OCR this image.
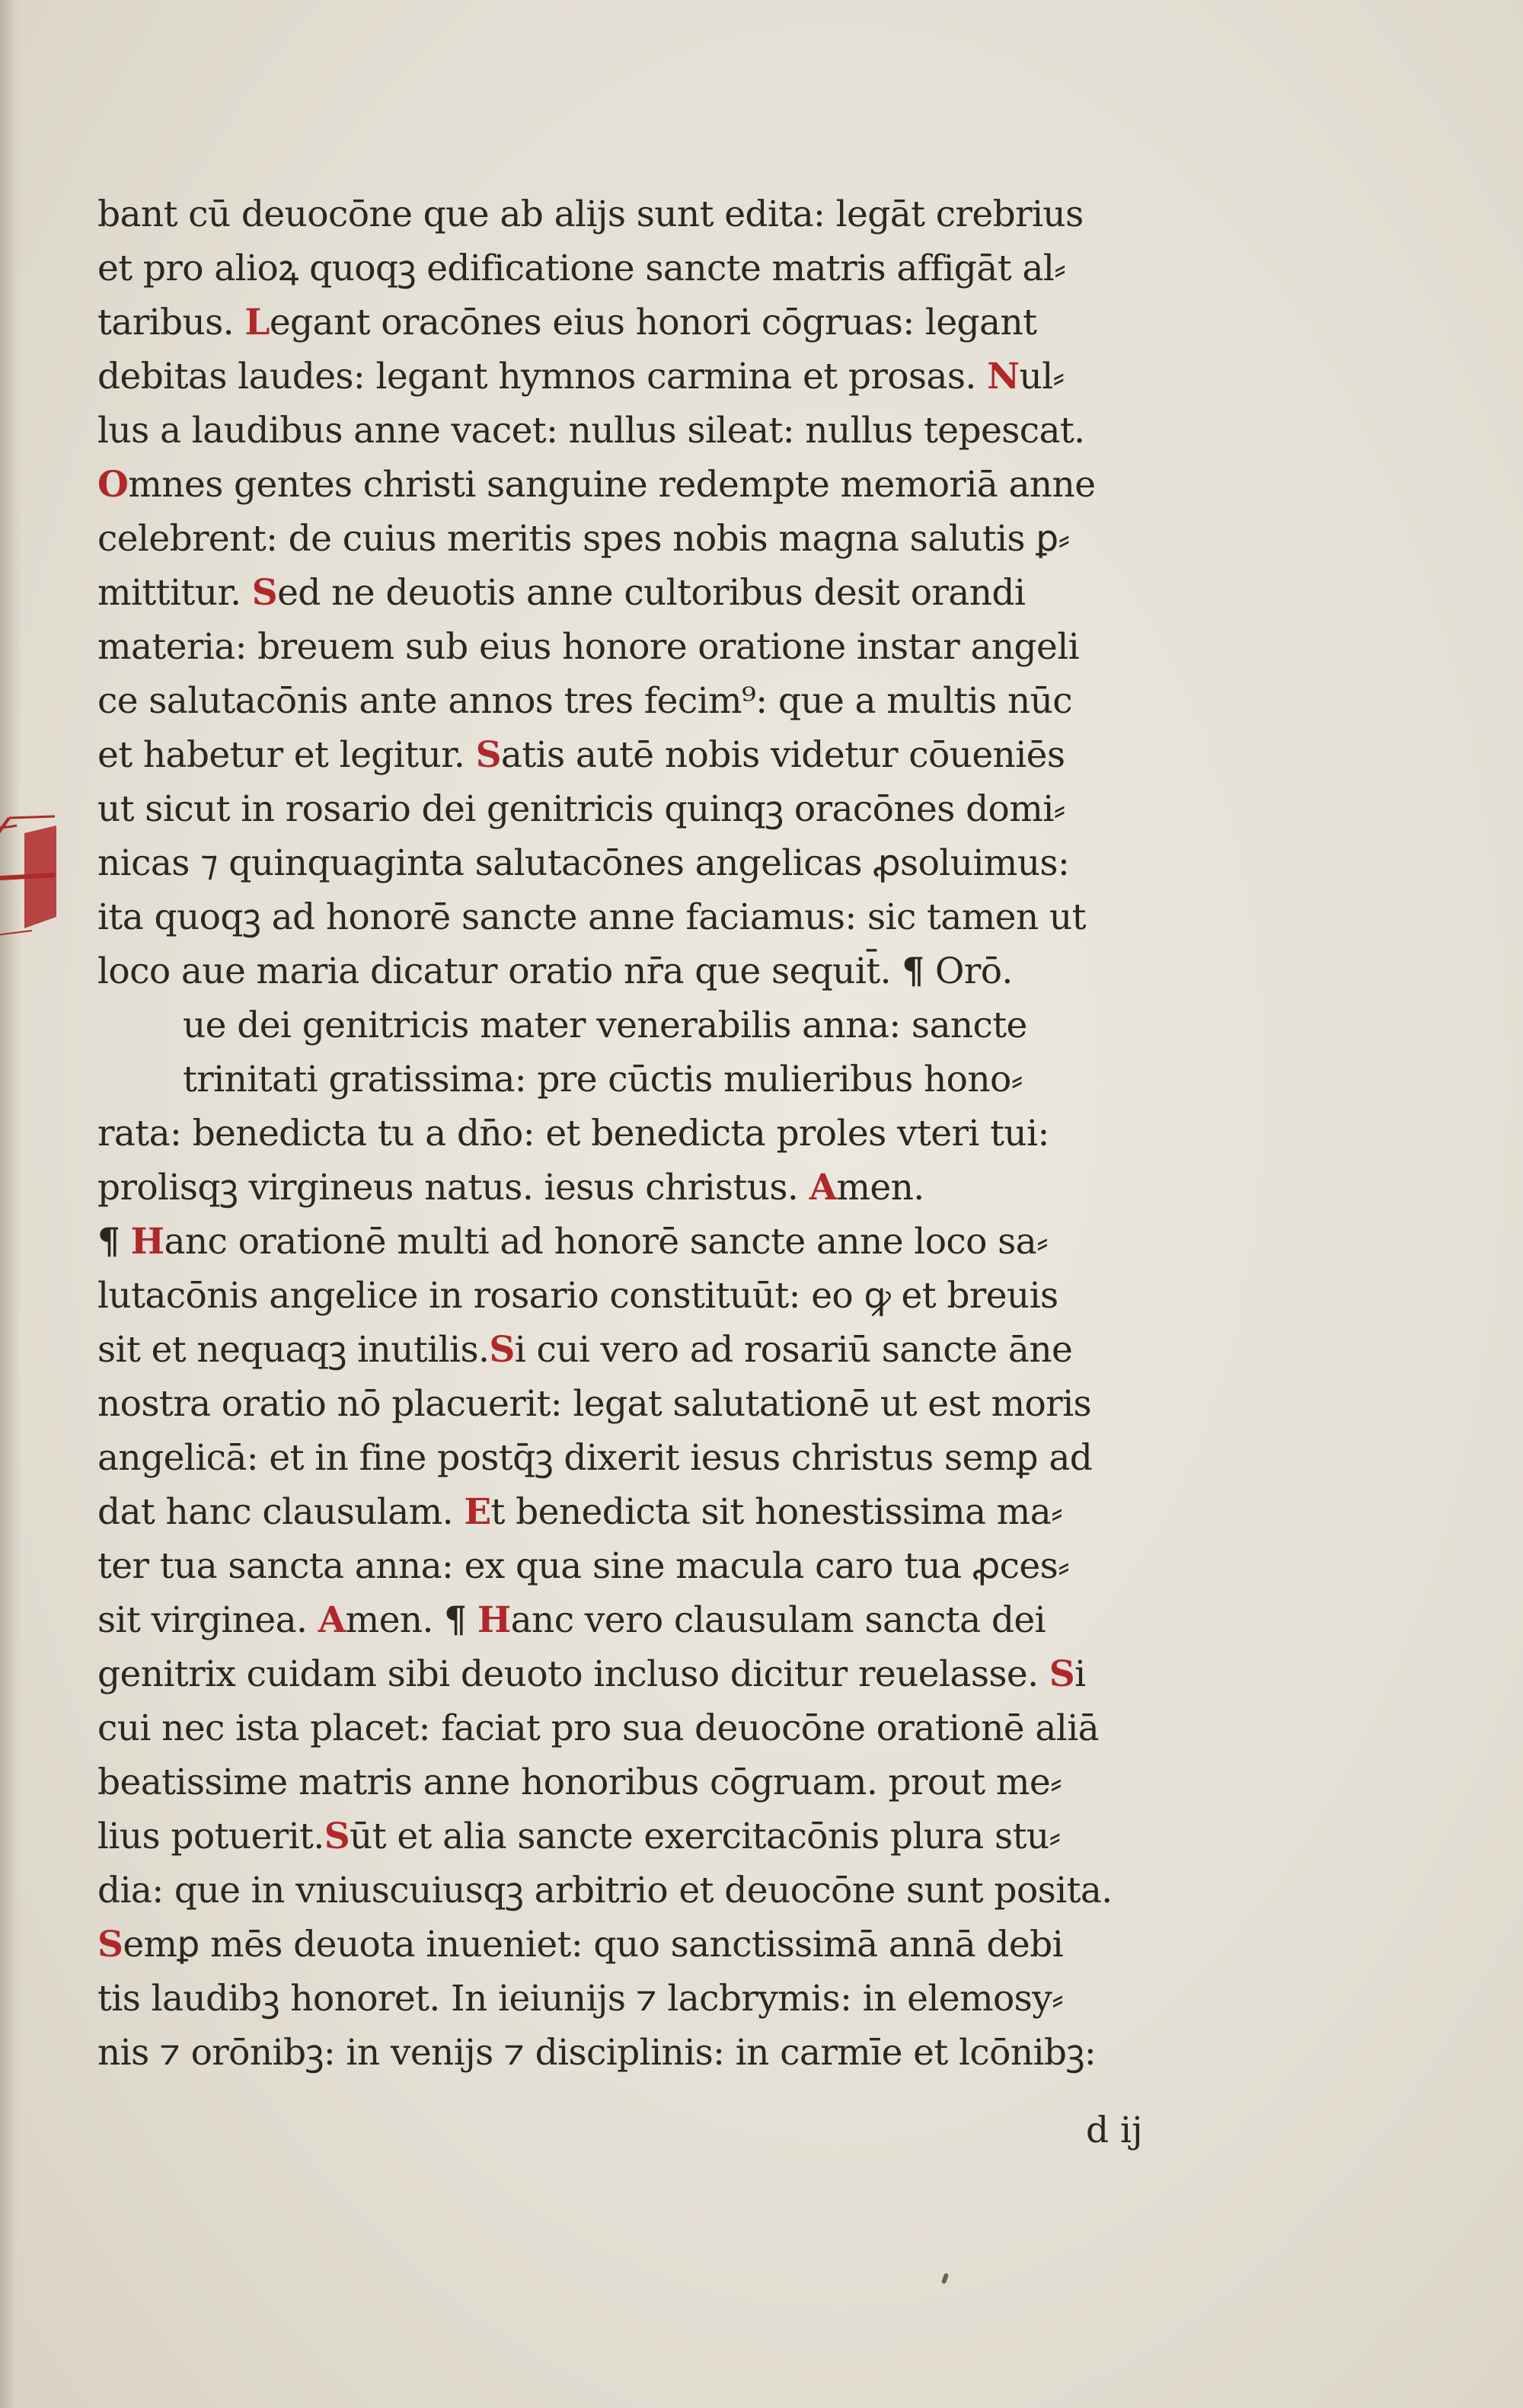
bant cū deuocōne que ab alijs sunt edita: legāt crebrius
et pro alioꝝ quoqꝫ edificatione sancte matris affigāt al⸗
taribus. Legant oracōnes eius honori cōgruas: legant
debitas laudes: legant hymnos carmina et prosas. Nul⸗
lus a laudibus anne vacet: nullus sileat: nullus tepescat.
Omnes gentes christi sanguine redempte memoriā anne
celebrent: de cuius meritis spes nobis magna salutis ꝑ⸗
mittitur. Sed ne deuotis anne cultoribus desit orandi
materia: breuem sub eius honore oratione instar angeli
ce salutacōnis ante annos tres fecim⁹: que a multis nūc
et habetur et legitur. Satis autē nobis videtur cōueniēs
ut sicut in rosario dei genitricis quinqꝫ oracōnes domi⸗
nicas ⁊ quinquaginta salutacōnes angelicas ꝓsoluimus:
ita quoqꝫ ad honorē sancte anne faciamus: sic tamen ut
loco aue maria dicatur oratio nr̄a que sequit̄. ¶ Orō.
ue dei genitricis mater venerabilis anna: sancte
trinitati gratissima: pre cūctis mulieribus hono⸗
rata: benedicta tu a dn̄o: et benedicta proles vteri tui:
prolisqꝫ virgineus natus. iesus christus. Amen.
¶ Hanc orationē multi ad honorē sancte anne loco sa⸗
lutacōnis angelice in rosario constituūt: eo ꝙ et breuis
sit et nequaqꝫ inutilis.Si cui vero ad rosariū sancte āne
nostra oratio nō placuerit: legat salutationē ut est moris
angelicā: et in fine postq̄ꝫ dixerit iesus christus semꝑ ad
dat hanc clausulam. Et benedicta sit honestissima ma⸗
ter tua sancta anna: ex qua sine macula caro tua ꝓces⸗
sit virginea. Amen. ¶ Hanc vero clausulam sancta dei
genitrix cuidam sibi deuoto incluso dicitur reuelasse. Si
cui nec ista placet: faciat pro sua deuocōne orationē aliā
beatissime matris anne honoribus cōgruam. prout me⸗
lius potuerit.Sūt et alia sancte exercitacōnis plura stu⸗
dia: que in vniuscuiusqꝫ arbitrio et deuocōne sunt posita.
Semꝑ mēs deuota inueniet: quo sanctissimā annā debi
tis laudibꝫ honoret. In ieiunijs ⁊ lacbrymis: in elemosy⸗
nis ⁊ orōnibꝫ: in venijs ⁊ disciplinis: in carmīe et lcōnibꝫ:
d ij
